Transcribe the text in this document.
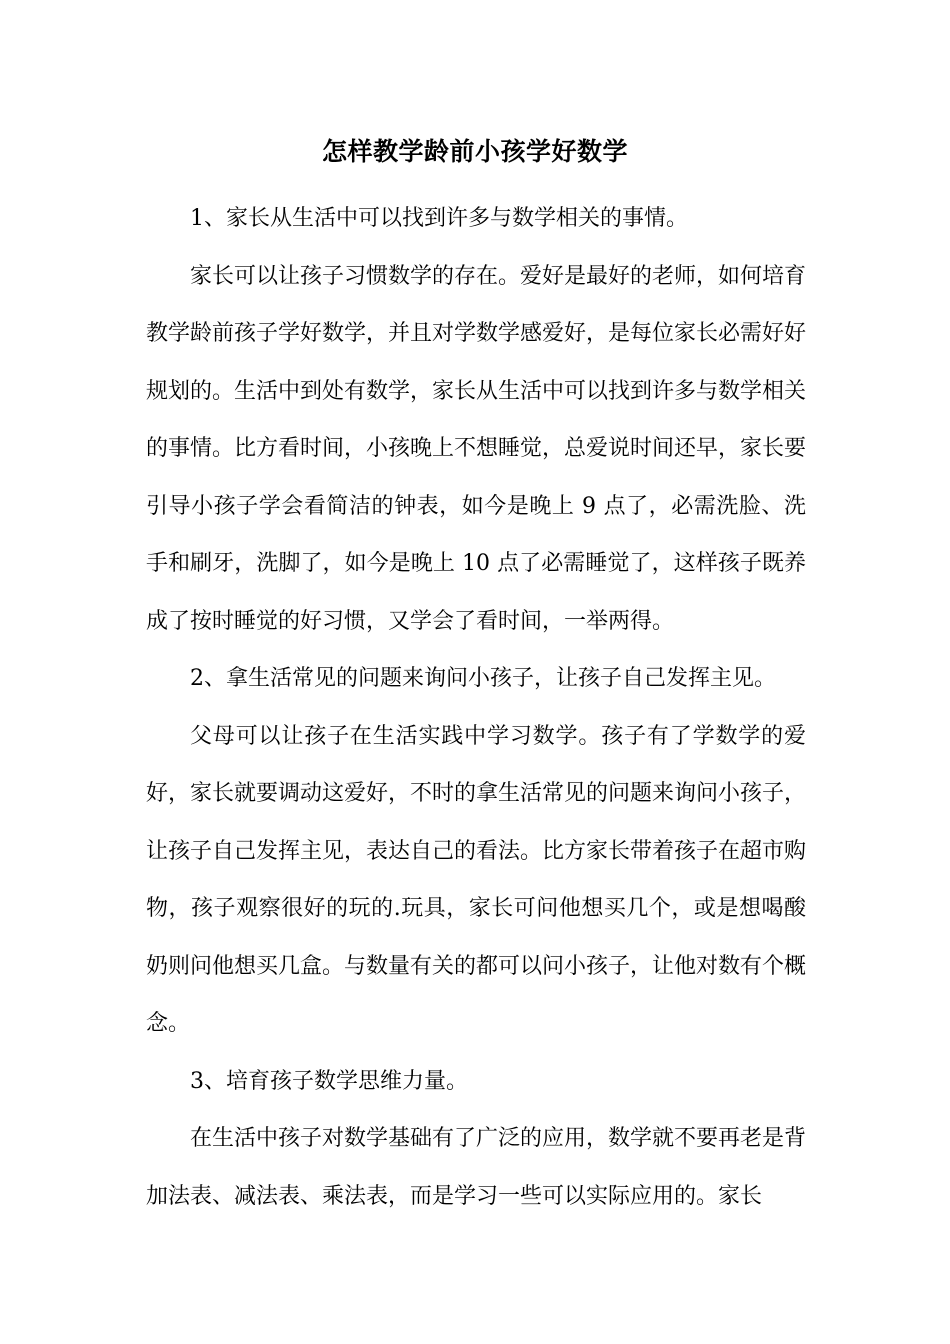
怎样教学龄前小孩学好数学

1、家长从生活中可以找到许多与数学相关的事情。

家长可以让孩子习惯数学的存在。爱好是最好的老师，如何培育教学龄前孩子学好数学，并且对学数学感爱好，是每位家长必需好好规划的。生活中到处有数学，家长从生活中可以找到许多与数学相关的事情。比方看时间，小孩晚上不想睡觉，总爱说时间还早，家长要引导小孩子学会看简洁的钟表，如今是晚上 9 点了，必需洗脸、洗手和刷牙，洗脚了，如今是晚上 10 点了必需睡觉了，这样孩子既养成了按时睡觉的好习惯，又学会了看时间，一举两得。

2、拿生活常见的问题来询问小孩子，让孩子自己发挥主见。

父母可以让孩子在生活实践中学习数学。孩子有了学数学的爱好，家长就要调动这爱好，不时的拿生活常见的问题来询问小孩子，让孩子自己发挥主见，表达自己的看法。比方家长带着孩子在超市购物，孩子观察很好的玩的.玩具，家长可问他想买几个，或是想喝酸奶则问他想买几盒。与数量有关的都可以问小孩子，让他对数有个概念。

3、培育孩子数学思维力量。

在生活中孩子对数学基础有了广泛的应用，数学就不要再老是背加法表、减法表、乘法表，而是学习一些可以实际应用的。家长
